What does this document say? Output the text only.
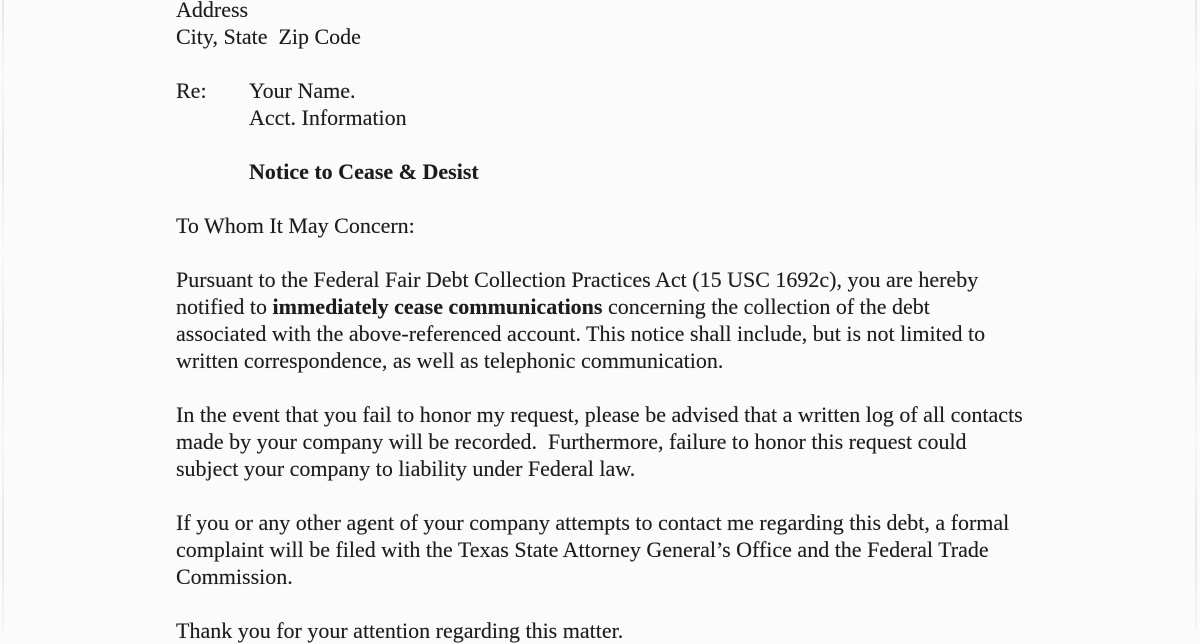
Address
City, State  Zip Code
Re:	Your Name.
Acct. Information
Notice to Cease & Desist
To Whom It May Concern:

Pursuant to the Federal Fair Debt Collection Practices Act (15 USC 1692c), you are hereby notified to immediately cease communications concerning the collection of the debt associated with the above-referenced account. This notice shall include, but is not limited to written correspondence, as well as telephonic communication.

In the event that you fail to honor my request, please be advised that a written log of all contacts made by your company will be recorded.  Furthermore, failure to honor this request could subject your company to liability under Federal law.

If you or any other agent of your company attempts to contact me regarding this debt, a formal complaint will be filed with the Texas State Attorney General’s Office and the Federal Trade Commission.

Thank you for your attention regarding this matter.
